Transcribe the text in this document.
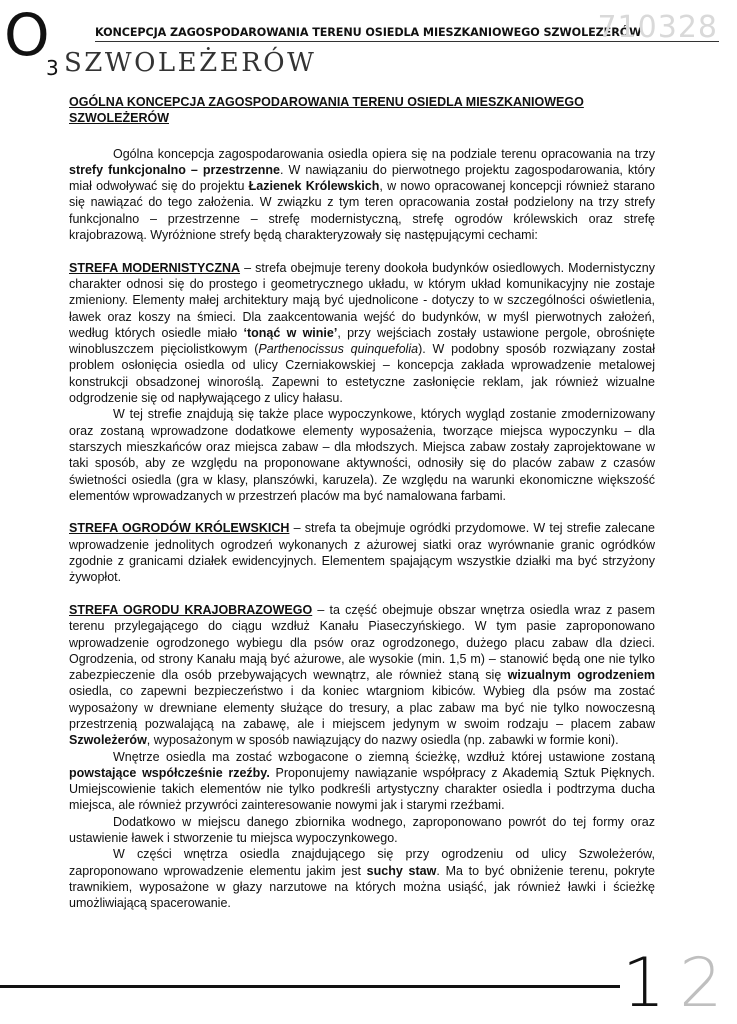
O
3
KONCEPCJA ZAGOSPODAROWANIA TERENU OSIEDLA MIESZKANIOWEGO SZWOLEZERÓW
710328
SZWOLEŻERÓW
OGÓLNA KONCEPCJA ZAGOSPODAROWANIA TERENU OSIEDLA MIESZKANIOWEGO
SZWOLEŻERÓW

Ogólna koncepcja zagospodarowania osiedla opiera się na podziale terenu opracowania na trzy strefy funkcjonalno – przestrzenne. W nawiązaniu do pierwotnego projektu zagospodarowania, który miał odwoływać się do projektu Łazienek Królewskich, w nowo opracowanej koncepcji również starano się nawiązać do tego założenia. W związku z tym teren opracowania został podzielony na trzy strefy funkcjonalno – przestrzenne – strefę modernistyczną, strefę ogrodów królewskich oraz strefę krajobrazową. Wyróżnione strefy będą charakteryzowały się następującymi cechami:

STREFA MODERNISTYCZNA – strefa obejmuje tereny dookoła budynków osiedlowych. Modernistyczny charakter odnosi się do prostego i geometrycznego układu, w którym układ komunikacyjny nie zostaje zmieniony. Elementy małej architektury mają być ujednolicone - dotyczy to w szczególności oświetlenia, ławek oraz koszy na śmieci. Dla zaakcentowania wejść do budynków, w myśl pierwotnych założeń, według których osiedle miało ‘tonąć w winie’, przy wejściach zostały ustawione pergole, obrośnięte winobluszczem pięciolistkowym (Parthenocissus quinquefolia). W podobny sposób rozwiązany został problem osłonięcia osiedla od ulicy Czerniakowskiej – koncepcja zakłada wprowadzenie metalowej konstrukcji obsadzonej winoroślą. Zapewni to estetyczne zasłonięcie reklam, jak również wizualne odgrodzenie się od napływającego z ulicy hałasu.

W tej strefie znajdują się także place wypoczynkowe, których wygląd zostanie zmodernizowany oraz zostaną wprowadzone dodatkowe elementy wyposażenia, tworzące miejsca wypoczynku – dla starszych mieszkańców oraz miejsca zabaw – dla młodszych. Miejsca zabaw zostały zaprojektowane w taki sposób, aby ze względu na proponowane aktywności, odnosiły się do placów zabaw z czasów świetności osiedla (gra w klasy, planszówki, karuzela). Ze względu na warunki ekonomiczne większość elementów wprowadzanych w przestrzeń placów ma być namalowana farbami.

STREFA OGRODÓW KRÓLEWSKICH – strefa ta obejmuje ogródki przydomowe. W tej strefie zalecane wprowadzenie jednolitych ogrodzeń wykonanych z ażurowej siatki oraz wyrównanie granic ogródków zgodnie z granicami działek ewidencyjnych. Elementem spajającym wszystkie działki ma być strzyżony żywopłot.

STREFA OGRODU KRAJOBRAZOWEGO – ta część obejmuje obszar wnętrza osiedla wraz z pasem terenu przylegającego do ciągu wzdłuż Kanału Piaseczyńskiego. W tym pasie zaproponowano wprowadzenie ogrodzonego wybiegu dla psów oraz ogrodzonego, dużego placu zabaw dla dzieci. Ogrodzenia, od strony Kanału mają być ażurowe, ale wysokie (min. 1,5 m) – stanowić będą one nie tylko zabezpieczenie dla osób przebywających wewnątrz, ale również staną się wizualnym ogrodzeniem osiedla, co zapewni bezpieczeństwo i da koniec wtargniom kibiców. Wybieg dla psów ma zostać wyposażony w drewniane elementy służące do tresury, a plac zabaw ma być nie tylko nowoczesną przestrzenią pozwalającą na zabawę, ale i miejscem jedynym w swoim rodzaju – placem zabaw Szwoleżerów, wyposażonym w sposób nawiązujący do nazwy osiedla (np. zabawki w formie koni).

Wnętrze osiedla ma zostać wzbogacone o ziemną ścieżkę, wzdłuż której ustawione zostaną powstające współcześnie rzeźby. Proponujemy nawiązanie współpracy z Akademią Sztuk Pięknych. Umiejscowienie takich elementów nie tylko podkreśli artystyczny charakter osiedla i podtrzyma ducha miejsca, ale również przywróci zainteresowanie nowymi jak i starymi rzeźbami.

Dodatkowo w miejscu danego zbiornika wodnego, zaproponowano powrót do tej formy oraz ustawienie ławek i stworzenie tu miejsca wypoczynkowego.

W części wnętrza osiedla znajdującego się przy ogrodzeniu od ulicy Szwoleżerów, zaproponowano wprowadzenie elementu jakim jest suchy staw. Ma to być obniżenie terenu, pokryte trawnikiem, wyposażone w głazy narzutowe na których można usiąść, jak również ławki i ścieżkę umożliwiającą spacerowanie.

12
